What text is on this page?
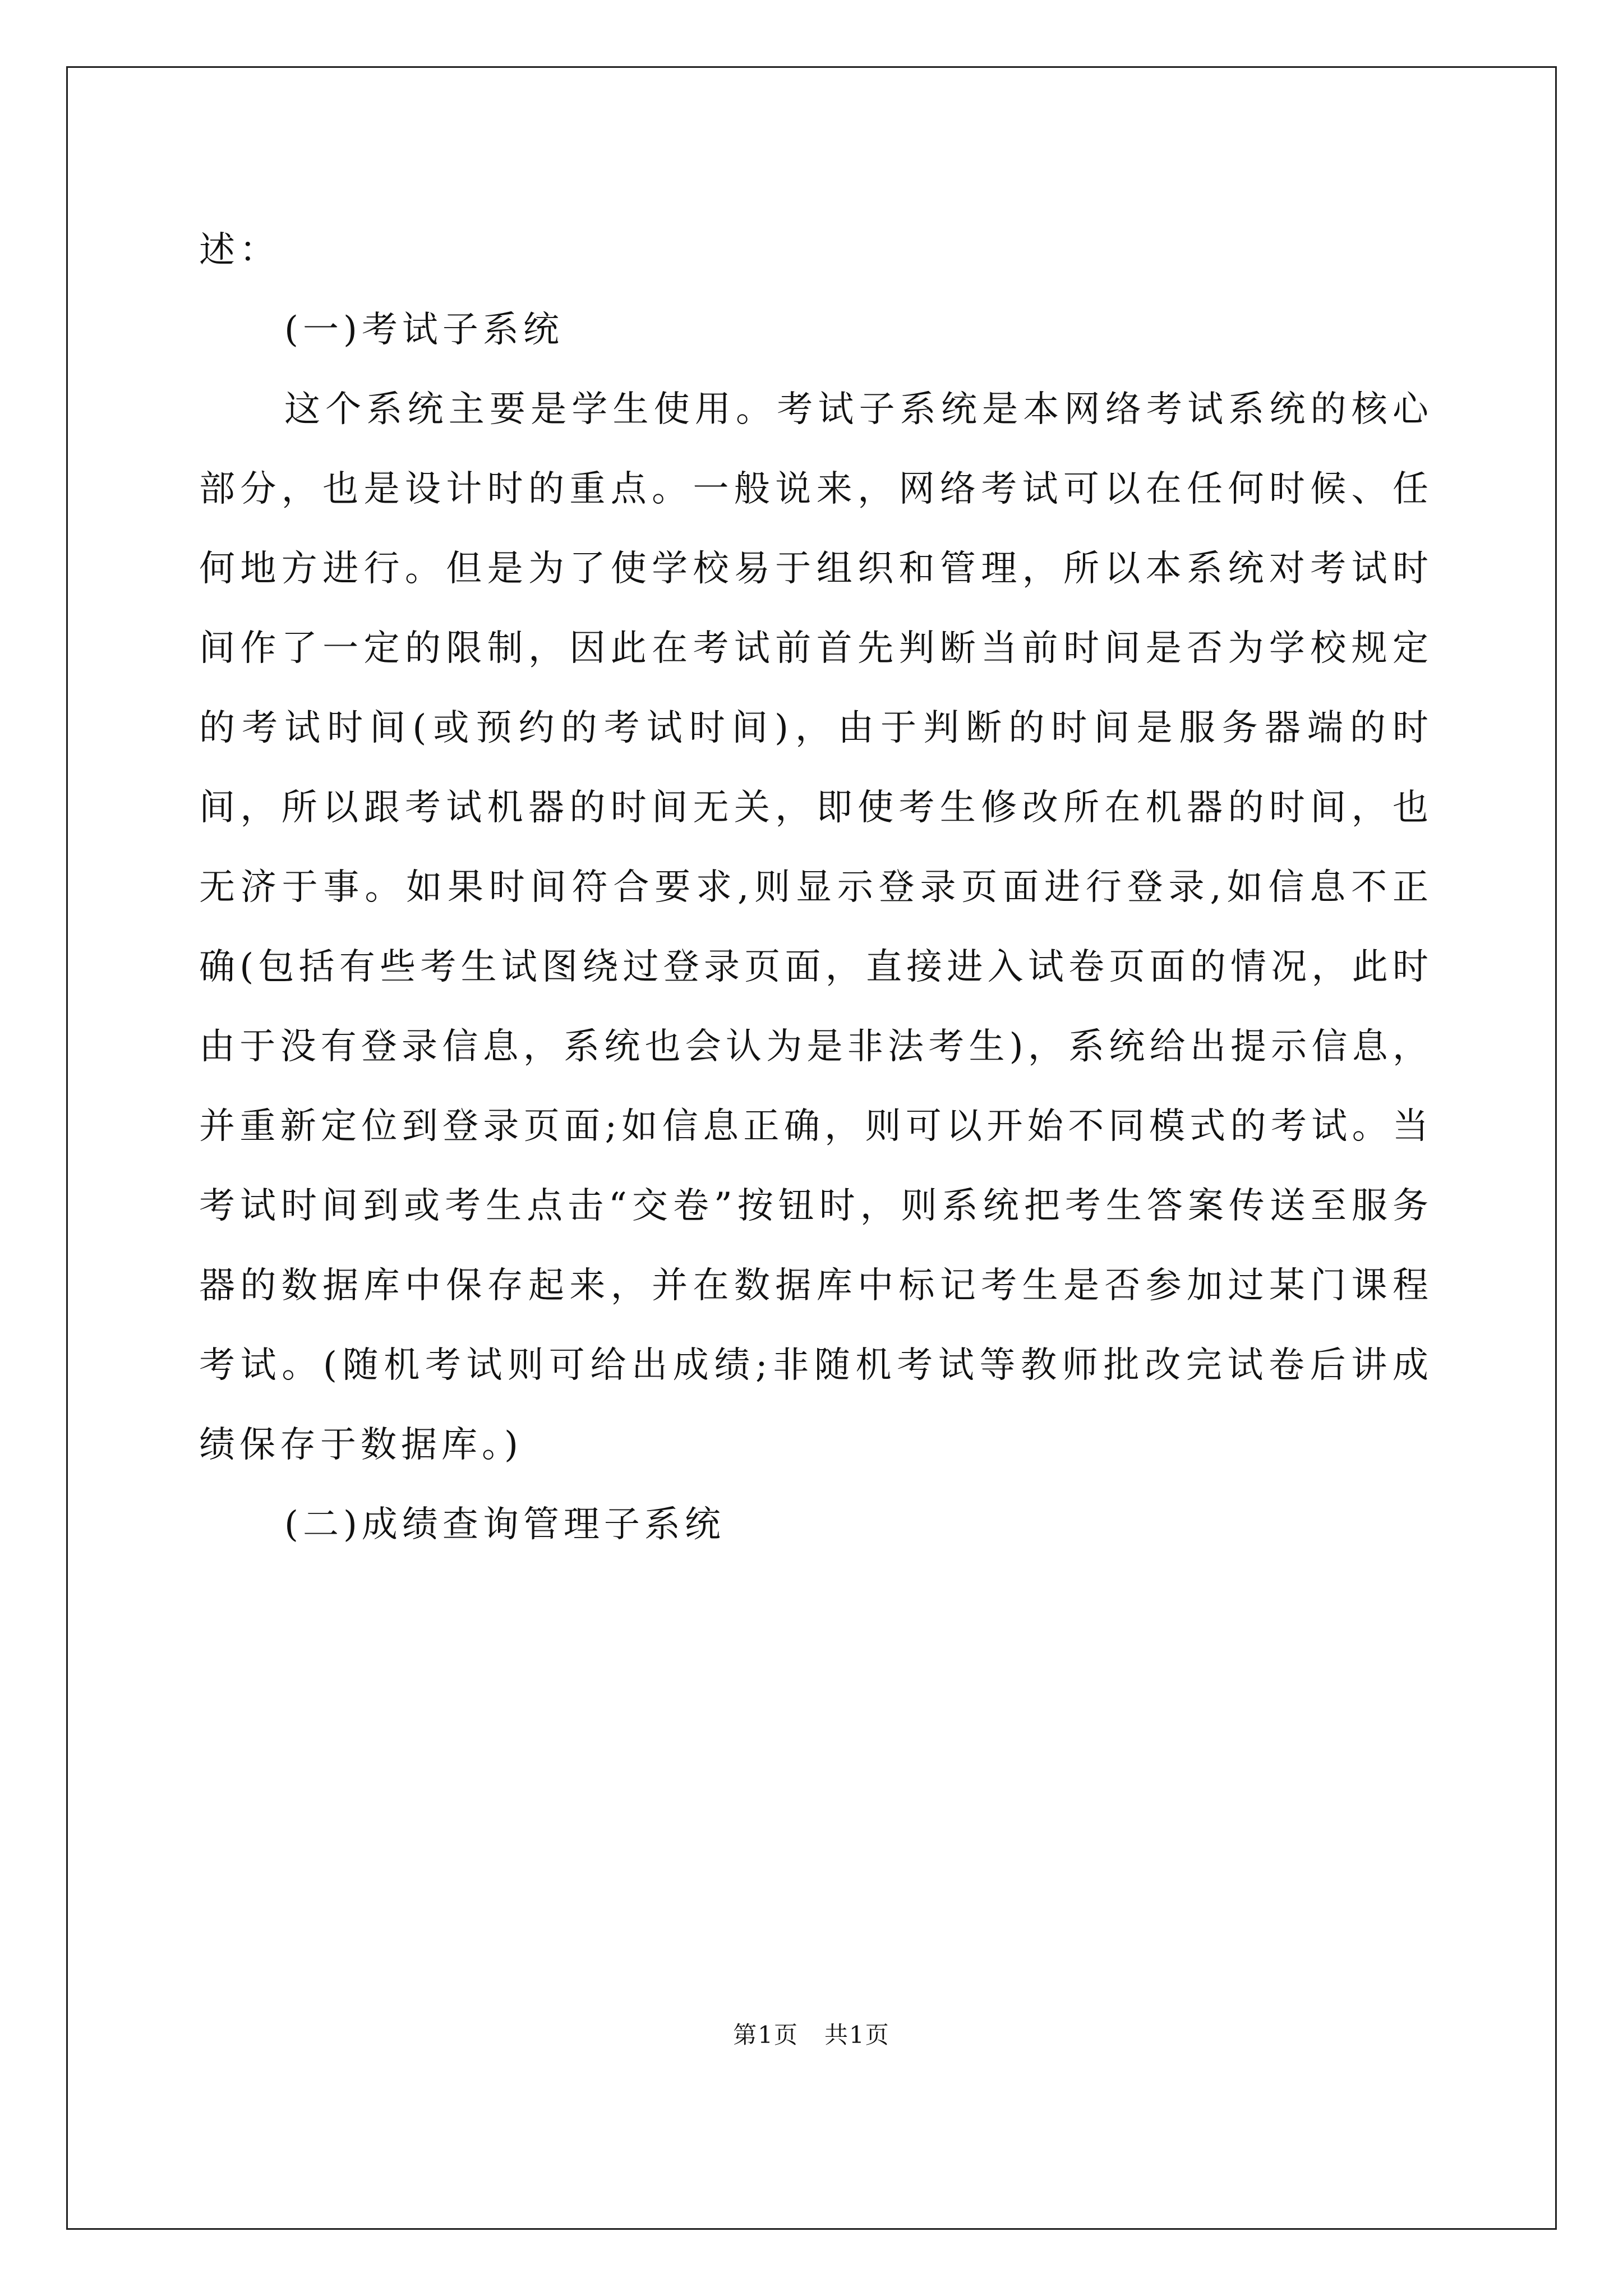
述：

(一)考试子系统

这个系统主要是学生使用。考试子系统是本网络考试系统的核心部分，也是设计时的重点。一般说来，网络考试可以在任何时候、任何地方进行。但是为了使学校易于组织和管理，所以本系统对考试时间作了一定的限制，因此在考试前首先判断当前时间是否为学校规定的考试时间(或预约的考试时间)，由于判断的时间是服务器端的时间，所以跟考试机器的时间无关，即使考生修改所在机器的时间，也无济于事。如果时间符合要求,则显示登录页面进行登录,如信息不正确(包括有些考生试图绕过登录页面，直接进入试卷页面的情况，此时由于没有登录信息，系统也会认为是非法考生)，系统给出提示信息，并重新定位到登录页面;如信息正确，则可以开始不同模式的考试。当考试时间到或考生点击“交卷”按钮时，则系统把考生答案传送至服务器的数据库中保存起来，并在数据库中标记考生是否参加过某门课程考试。(随机考试则可给出成绩;非随机考试等教师批改完试卷后讲成绩保存于数据库。)

(二)成绩查询管理子系统

第1页   共1页
